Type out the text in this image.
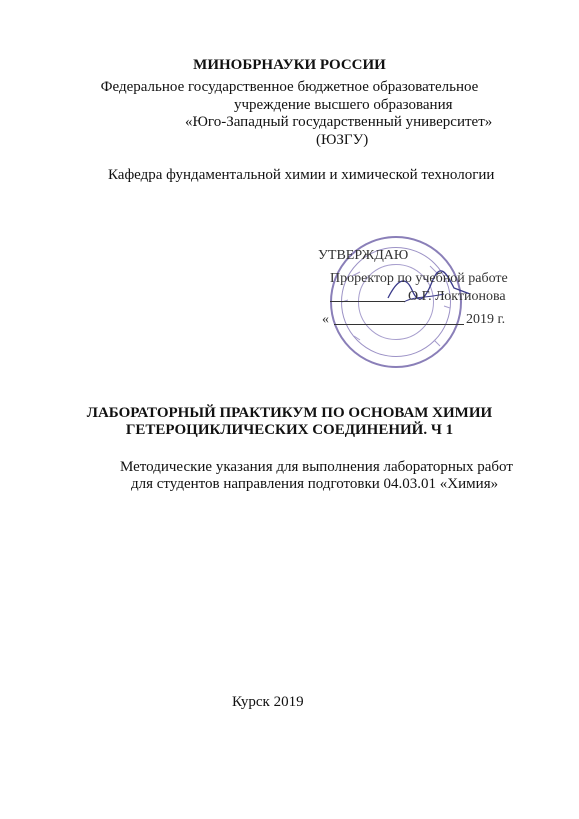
МИНОБРНАУКИ РОССИИ
Федеральное государственное бюджетное образовательное
учреждение высшего образования
«Юго-Западный государственный университет»
(ЮЗГУ)
Кафедра фундаментальной химии и химической технологии
УТВЕРЖДАЮ
Проректор по учебной работе
О.Г. Локтионова
«	2019 г.
ЛАБОРАТОРНЫЙ ПРАКТИКУМ ПО ОСНОВАМ ХИМИИ
ГЕТЕРОЦИКЛИЧЕСКИХ СОЕДИНЕНИЙ. Ч 1
Методические указания для выполнения лабораторных работ
для студентов направления подготовки 04.03.01 «Химия»
Курск 2019
